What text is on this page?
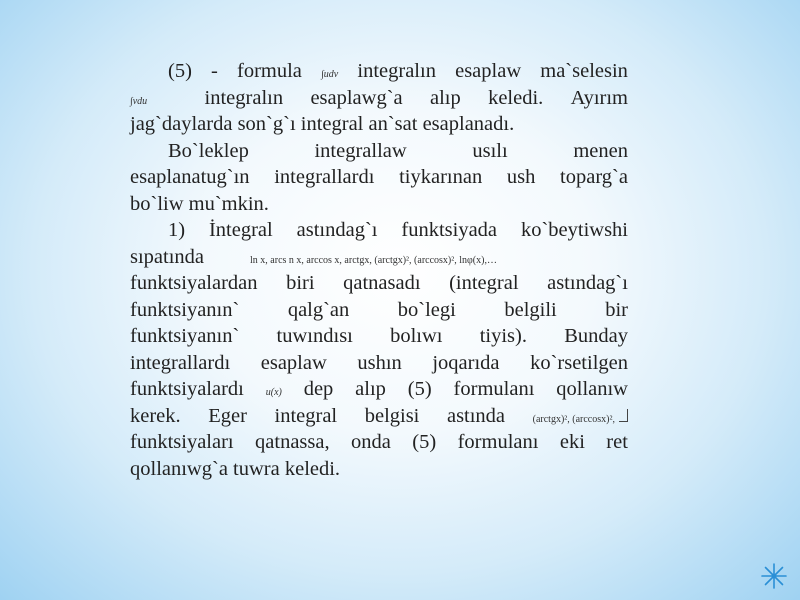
(5) - formula ∫udv integralın esaplaw ma`selesin
∫vdu	integralın esaplawg`a alıp keledi. Ayırım
jag`daylarda son`g`ı integral an`sat esaplanadı.
Bo`leklep	integrallaw	usılı	menen
esaplanatug`ın integrallardı tiykarınan ush toparg`a
bo`liw mu`mkin.
1) İntegral astındag`ı funktsiyada ko`beytiwshi
sıpatında	ln x, arcs n x, arccos x, arctgx, (arctgx)², (arccosx)², lnφ(x),…
funktsiyalardan biri qatnasadı (integral astındag`ı
funktsiyanın` qalg`an bo`legi belgili bir
funktsiyanın` tuwındısı bolıwı tiyis). Bunday
integrallardı esaplaw ushın joqarıda ko`rsetilgen
funktsiyalardı u(x) dep alıp (5) formulanı qollanıw
kerek. Eger integral belgisi astında	(arctgx)², (arccosx)²,
funktsiyaları qatnassa, onda (5) formulanı eki ret
qollanıwg`a tuwra keledi.
